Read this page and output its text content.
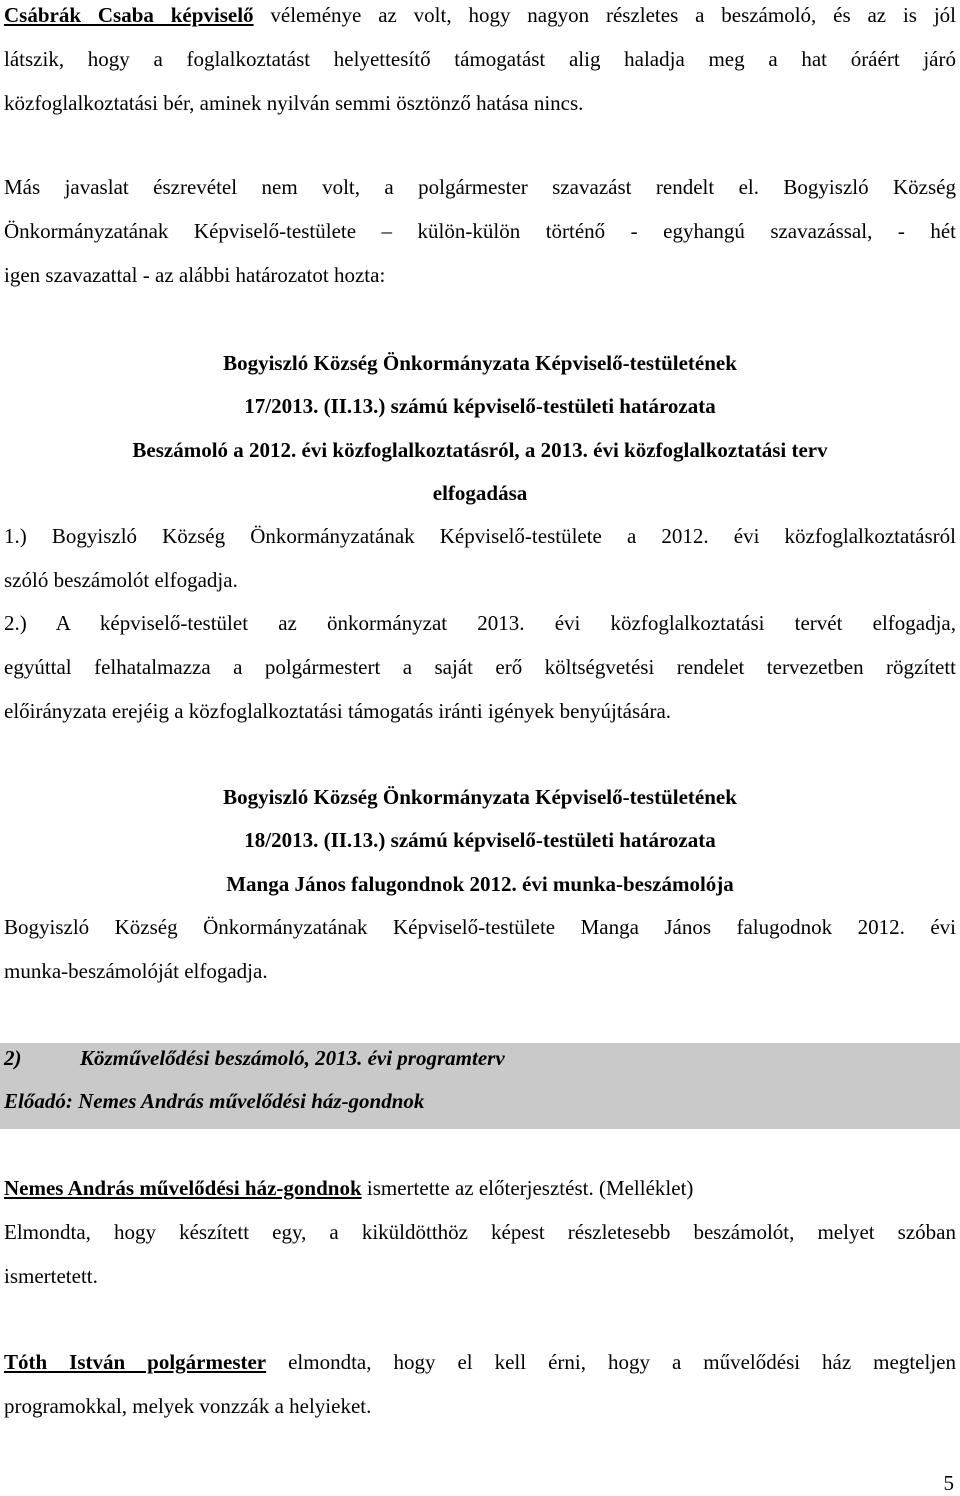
Csábrák Csaba képviselő véleménye az volt, hogy nagyon részletes a beszámoló, és az is jól
látszik, hogy a foglalkoztatást helyettesítő támogatást alig haladja meg a hat óráért járó
közfoglalkoztatási bér, aminek nyilván semmi ösztönző hatása nincs.
Más javaslat észrevétel nem volt, a polgármester szavazást rendelt el. Bogyiszló Község
Önkormányzatának Képviselő-testülete – külön-külön történő - egyhangú szavazással, - hét
igen szavazattal - az alábbi határozatot hozta:
Bogyiszló Község Önkormányzata Képviselő-testületének
17/2013. (II.13.) számú képviselő-testületi határozata
Beszámoló a 2012. évi közfoglalkoztatásról, a 2013. évi közfoglalkoztatási terv
elfogadása
1.) Bogyiszló Község Önkormányzatának Képviselő-testülete a 2012. évi közfoglalkoztatásról
szóló beszámolót elfogadja.
2.) A képviselő-testület az önkormányzat 2013. évi közfoglalkoztatási tervét elfogadja,
egyúttal felhatalmazza a polgármestert a saját erő költségvetési rendelet tervezetben rögzített
előirányzata erejéig a közfoglalkoztatási támogatás iránti igények benyújtására.
Bogyiszló Község Önkormányzata Képviselő-testületének
18/2013. (II.13.) számú képviselő-testületi határozata
Manga János falugondnok 2012. évi munka-beszámolója
Bogyiszló Község Önkormányzatának Képviselő-testülete Manga János falugodnok 2012. évi
munka-beszámolóját elfogadja.
2)	Közművelődési beszámoló, 2013. évi programterv
Előadó: Nemes András művelődési ház-gondnok
Nemes András művelődési ház-gondnok ismertette az előterjesztést. (Melléklet)
Elmondta, hogy készített egy, a kiküldötthöz képest részletesebb beszámolót, melyet szóban
ismertetett.
Tóth István polgármester elmondta, hogy el kell érni, hogy a művelődési ház megteljen
programokkal, melyek vonzzák a helyieket.
5
